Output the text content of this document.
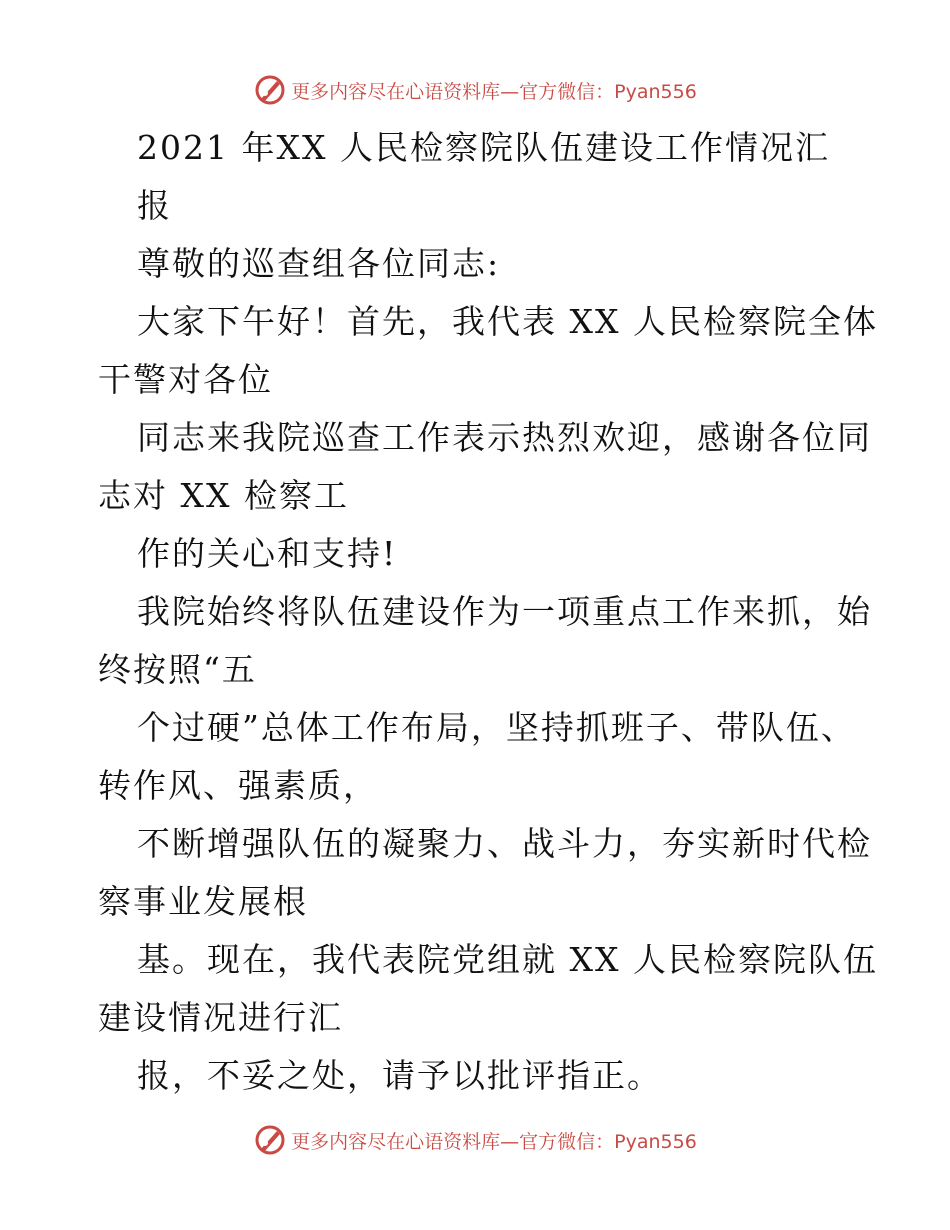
更多内容尽在心语资料库—官方微信：Pyan556
2021 年XX 人民检察院队伍建设工作情况汇
报
尊敬的巡查组各位同志:
大家下午好！首先，我代表 XX 人民检察院全体
干警对各位
同志来我院巡查工作表示热烈欢迎，感谢各位同
志对 XX 检察工
作的关心和支持!
我院始终将队伍建设作为一项重点工作来抓，始
终按照“五
个过硬”总体工作布局，坚持抓班子、带队伍、
转作风、强素质，
不断增强队伍的凝聚力、战斗力，夯实新时代检
察事业发展根
基。现在，我代表院党组就 XX 人民检察院队伍
建设情况进行汇
报，不妥之处，请予以批评指正。
更多内容尽在心语资料库—官方微信：Pyan556
